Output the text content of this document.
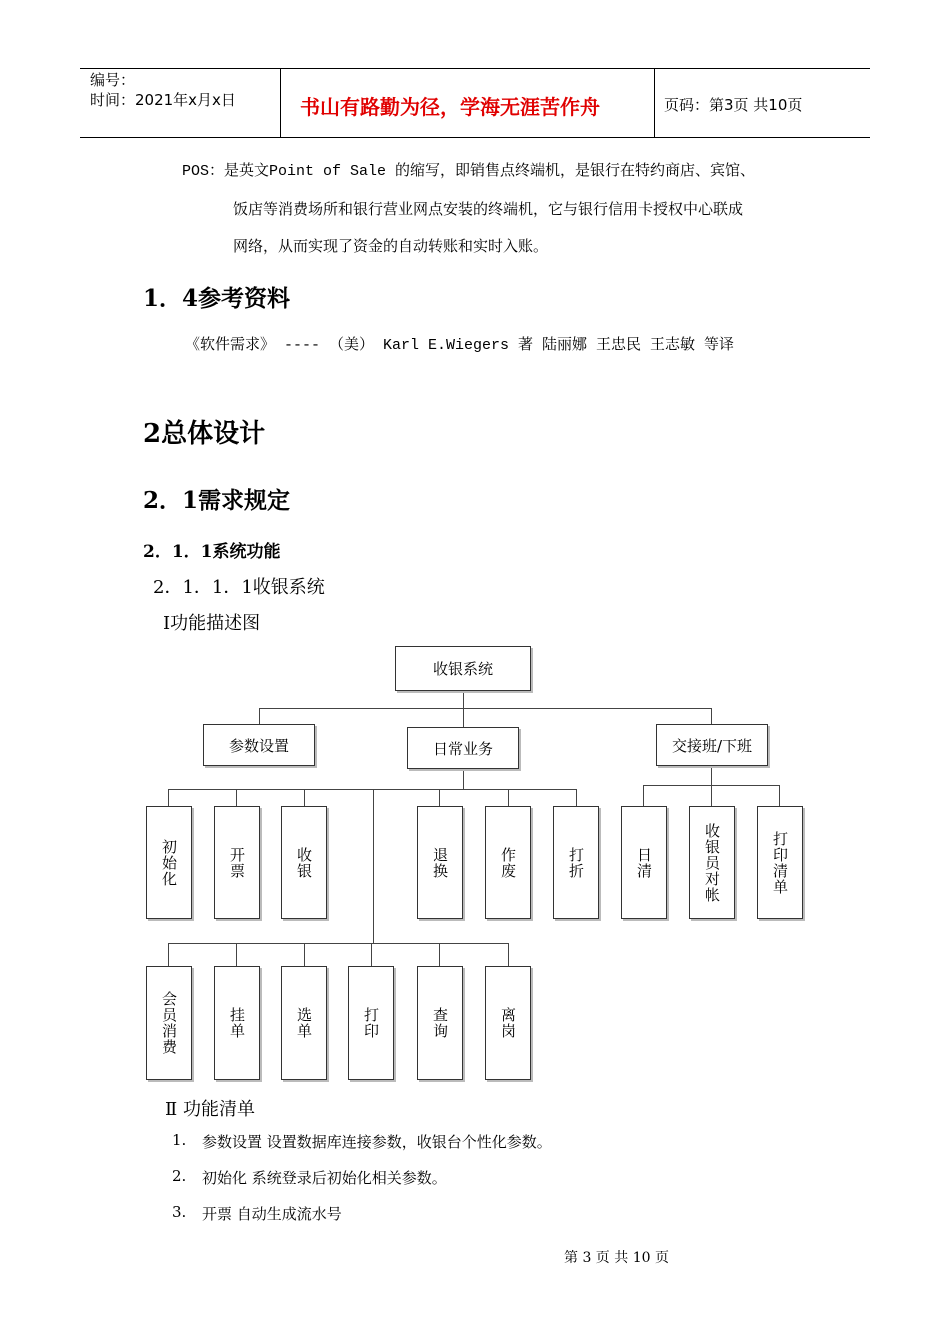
编号：
时间：2021年x月x日	书山有路勤为径，学海无涯苦作舟	页码：第3页 共10页
POS：是英文Point of Sale 的缩写，即销售点终端机，是银行在特约商店、宾馆、
饭店等消费场所和银行营业网点安装的终端机，它与银行信用卡授权中心联成
网络，从而实现了资金的自动转账和实时入账。
1．4参考资料
《软件需求》 ---- （美） Karl E.Wiegers 著 陆丽娜 王忠民 王志敏 等译
2总体设计
2．1需求规定
2．1．1系统功能
2．1．1．1收银系统
Ⅰ功能描述图
收银系统
参数设置	日常业务	交接班/下班
初始化	开票	收银	退换	作废	打折	日清	收银员对帐	打印清单
会员消费	挂单	选单	打印	查询	离岗
Ⅱ 功能清单
1. 参数设置 设置数据库连接参数，收银台个性化参数。
2. 初始化 系统登录后初始化相关参数。
3. 开票 自动生成流水号
第 3 页 共 10 页
